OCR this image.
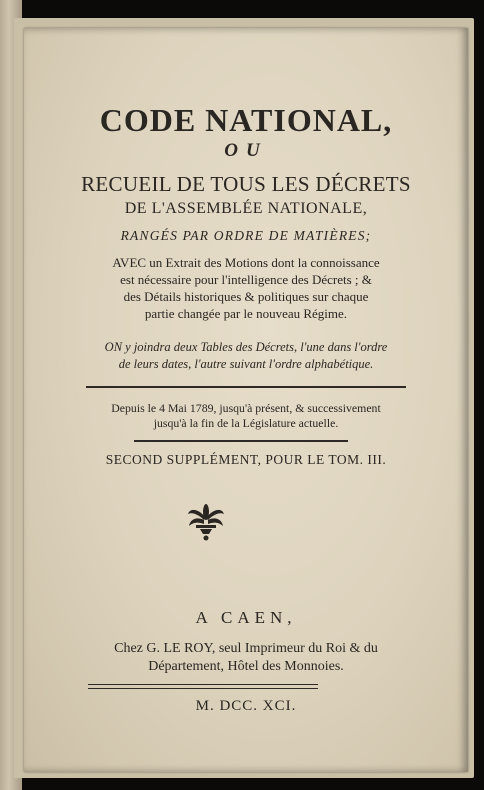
CODE NATIONAL,
OU
RECUEIL DE TOUS LES DÉCRETS
DE L'ASSEMBLÉE NATIONALE,
RANGÉS PAR ORDRE DE MATIÈRES;
AVEC un Extrait des Motions dont la connoissance
est nécessaire pour l'intelligence des Décrets ; &
des Détails historiques & politiques sur chaque
partie changée par le nouveau Régime.
ON y joindra deux Tables des Décrets, l'une dans l'ordre
de leurs dates, l'autre suivant l'ordre alphabétique.
Depuis le 4 Mai 1789, jusqu'à présent, & successivement
jusqu'à la fin de la Législature actuelle.
SECOND SUPPLÉMENT, POUR LE TOM. III.
A CAEN,
Chez G. LE ROY, seul Imprimeur du Roi & du
Département, Hôtel des Monnoies.
M. DCC. XCI.
